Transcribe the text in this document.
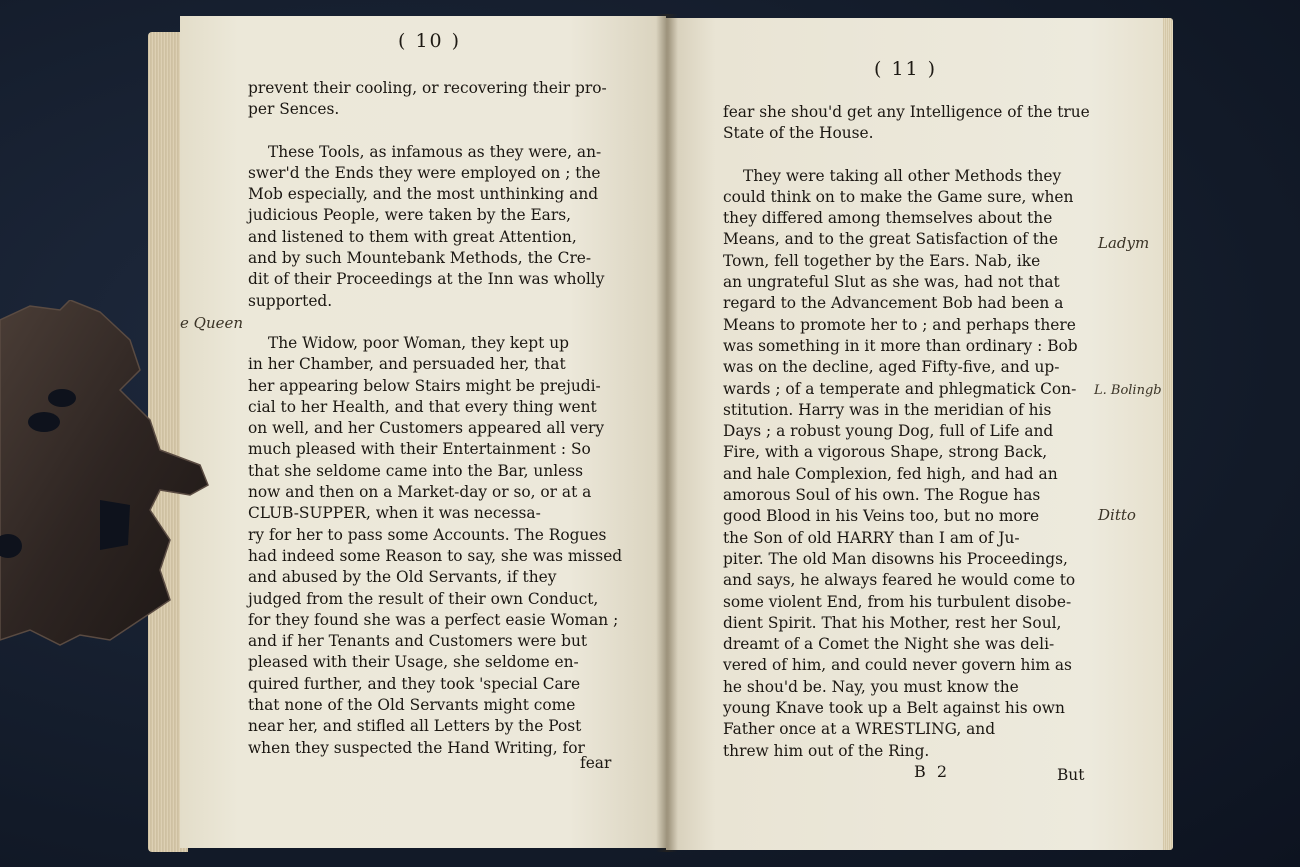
( 10 )
prevent their cooling, or recovering their pro-
per Sences.
These Tools, as infamous as they were, an-
swer'd the Ends they were employed on ; the
Mob especially, and the most unthinking and
judicious People, were taken by the Ears,
and listened to them with great Attention,
and by such Mountebank Methods, the Cre-
dit of their Proceedings at the Inn was wholly
supported.
The Widow, poor Woman, they kept up
in her Chamber, and persuaded her, that
her appearing below Stairs might be prejudi-
cial to her Health, and that every thing went
on well, and her Customers appeared all very
much pleased with their Entertainment : So
that she seldome came into the Bar, unless
now and then on a Market-day or so, or at a
CLUB-SUPPER, when it was necessa-
ry for her to pass some Accounts. The Rogues
had indeed some Reason to say, she was missed
and abused by the Old Servants, if they
judged from the result of their own Conduct,
for they found she was a perfect easie Woman ;
and if her Tenants and Customers were but
pleased with their Usage, she seldome en-
quired further, and they took 'special Care
that none of the Old Servants might come
near her, and stifled all Letters by the Post
when they suspected the Hand Writing, for
fear
( 11 )
fear she shou'd get any Intelligence of the true
State of the House.
They were taking all other Methods they
could think on to make the Game sure, when
they differed among themselves about the
Means, and to the great Satisfaction of the
Town, fell together by the Ears. Nab, ike
an ungrateful Slut as she was, had not that
regard to the Advancement Bob had been a
Means to promote her to ; and perhaps there
was something in it more than ordinary : Bob
was on the decline, aged Fifty-five, and up-
wards ; of a temperate and phlegmatick Con-
stitution. Harry was in the meridian of his
Days ; a robust young Dog, full of Life and
Fire, with a vigorous Shape, strong Back,
and hale Complexion, fed high, and had an
amorous Soul of his own. The Rogue has
good Blood in his Veins too, but no more
the Son of old HARRY than I am of Ju-
piter. The old Man disowns his Proceedings,
and says, he always feared he would come to
some violent End, from his turbulent disobe-
dient Spirit. That his Mother, rest her Soul,
dreamt of a Comet the Night she was deli-
vered of him, and could never govern him as
he shou'd be. Nay, you must know the
young Knave took up a Belt against his own
Father once at a WRESTLING, and
threw him out of the Ring.
B 2	But
e Queen
Ladym
L. Bolingb
Ditto
